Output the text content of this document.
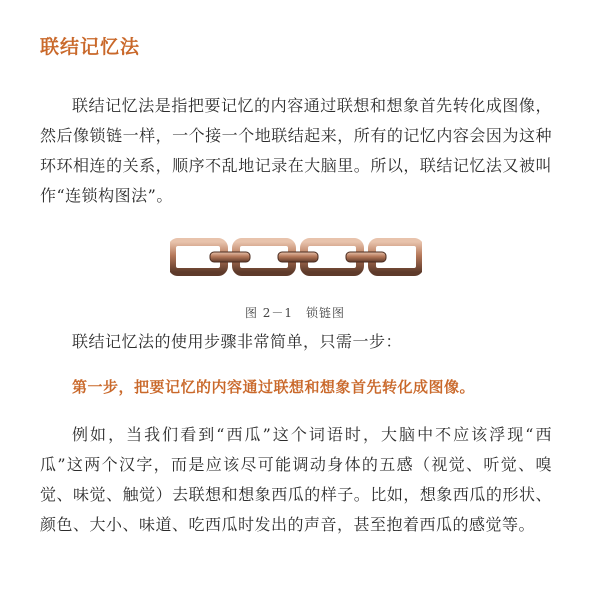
联结记忆法
联结记忆法是指把要记忆的内容通过联想和想象首先转化成图像，然后像锁链一样，一个接一个地联结起来，所有的记忆内容会因为这种环环相连的关系，顺序不乱地记录在大脑里。所以，联结记忆法又被叫作“连锁构图法”。
图 2－1　锁链图
联结记忆法的使用步骤非常简单，只需一步：
第一步，把要记忆的内容通过联想和想象首先转化成图像。
例如，当我们看到“西瓜”这个词语时，大脑中不应该浮现“西瓜”这两个汉字，而是应该尽可能调动身体的五感（视觉、听觉、嗅觉、味觉、触觉）去联想和想象西瓜的样子。比如，想象西瓜的形状、颜色、大小、味道、吃西瓜时发出的声音，甚至抱着西瓜的感觉等。
